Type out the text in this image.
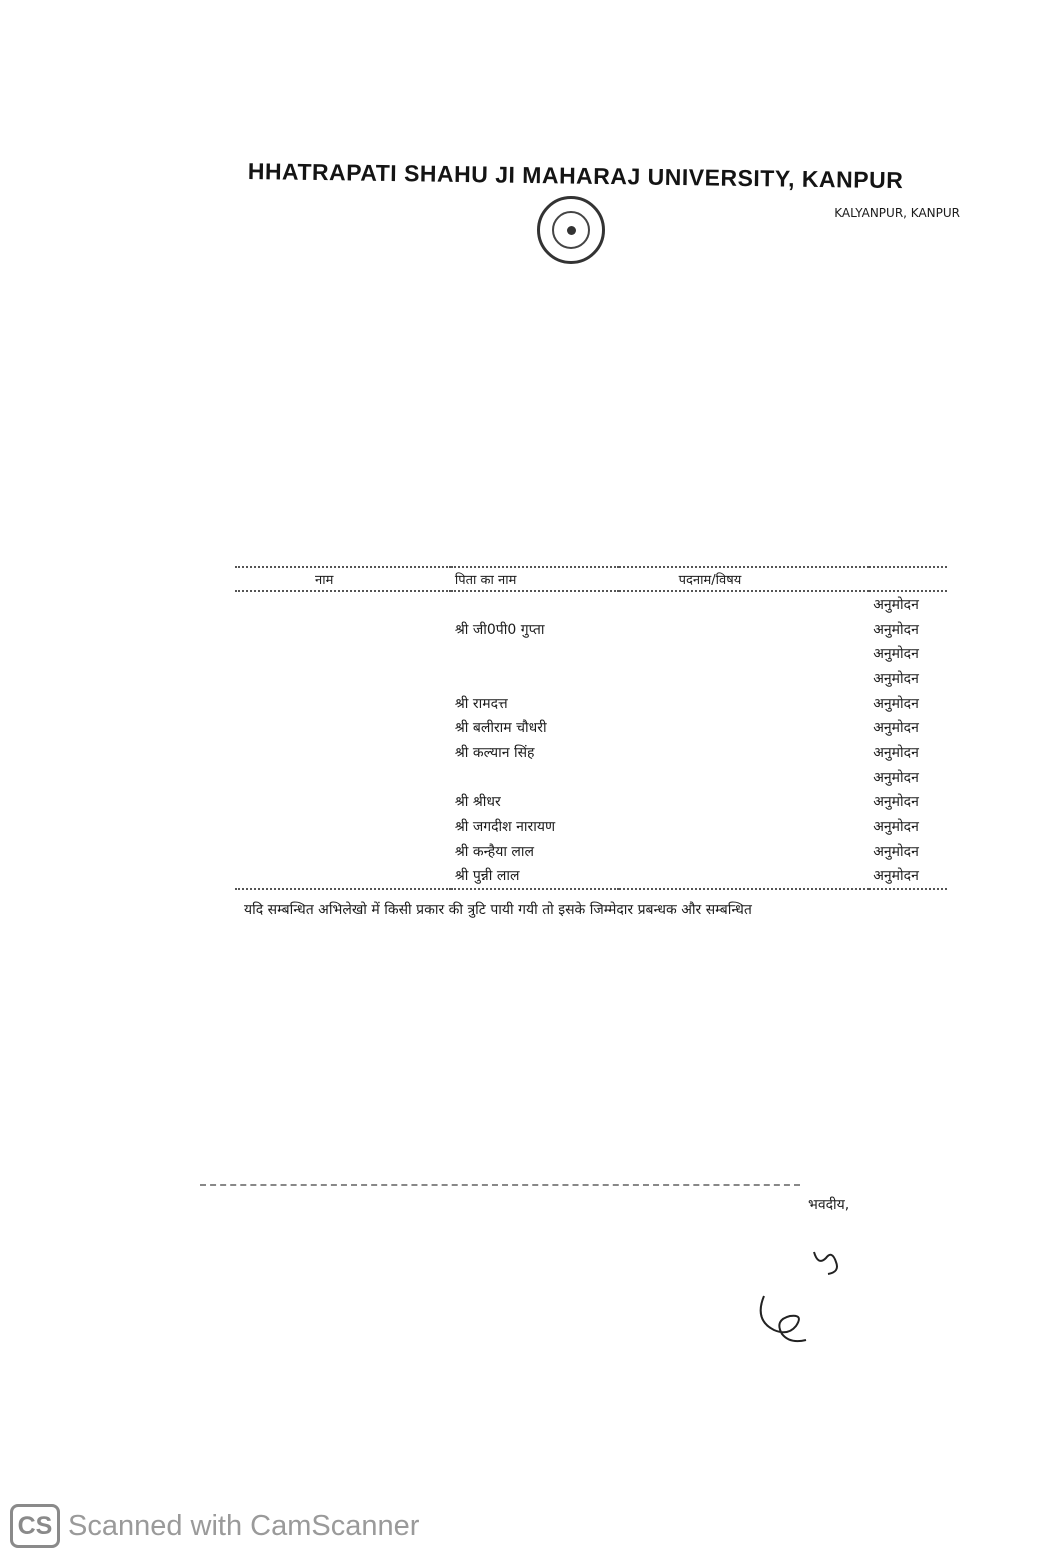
HHATRAPATI SHAHU JI MAHARAJ UNIVERSITY, KANPUR
KALYANPUR, KANPUR
नाम	पिता का नाम	पदनाम/विषय	
			अनुमोदन
	श्री जी0पी0 गुप्ता		अनुमोदन
			अनुमोदन
			अनुमोदन
	श्री रामदत्त		अनुमोदन
	श्री बलीराम चौधरी		अनुमोदन
	श्री कल्यान सिंह		अनुमोदन
			अनुमोदन
	श्री श्रीधर		अनुमोदन
	श्री जगदीश नारायण		अनुमोदन
	श्री कन्हैया लाल		अनुमोदन
	श्री पुन्नी लाल		अनुमोदन

यदि सम्बन्धित अभिलेखो में किसी प्रकार की त्रुटि पायी गयी तो इसके जिम्मेदार प्रबन्धक और सम्बन्धित

भवदीय,
CS Scanned with CamScanner
